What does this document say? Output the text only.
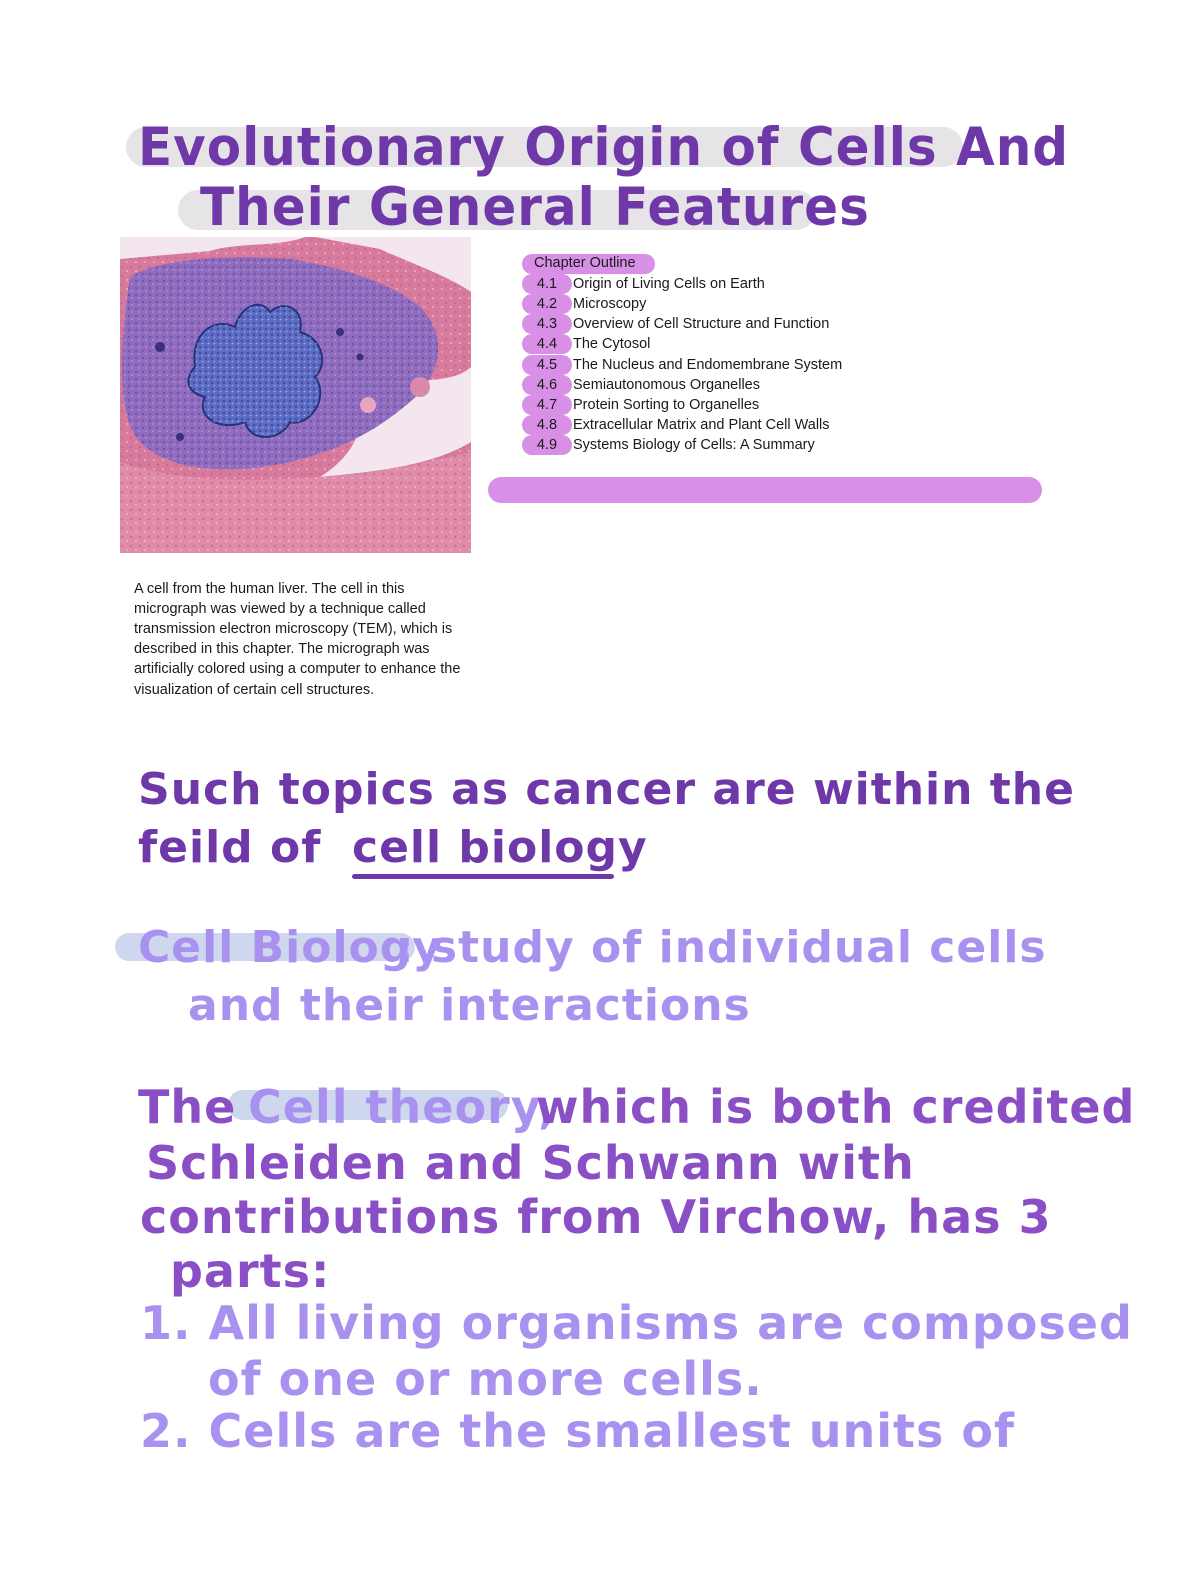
Evolutionary Origin of Cells And
Their General Features

A cell from the human liver. The cell in this micrograph was viewed by a technique called transmission electron microscopy (TEM), which is described in this chapter. The micrograph was artificially colored using a computer to enhance the visualization of certain cell structures.

Chapter Outline
4.1	Origin of Living Cells on Earth
4.2	Microscopy
4.3	Overview of Cell Structure and Function
4.4	The Cytosol
4.5	The Nucleus and Endomembrane System
4.6	Semiautonomous Organelles
4.7	Protein Sorting to Organelles
4.8	Extracellular Matrix and Plant Cell Walls
4.9	Systems Biology of Cells: A Summary

Such topics as cancer are within the

feild of cell biology

Cell Biology

: study of individual cells

and their interactions

The Cell theory,

which is both credited

Schleiden and Schwann with

contributions from Virchow, has 3

parts:

1. All living organisms are composed

of one or more cells.

2. Cells are the smallest units of
